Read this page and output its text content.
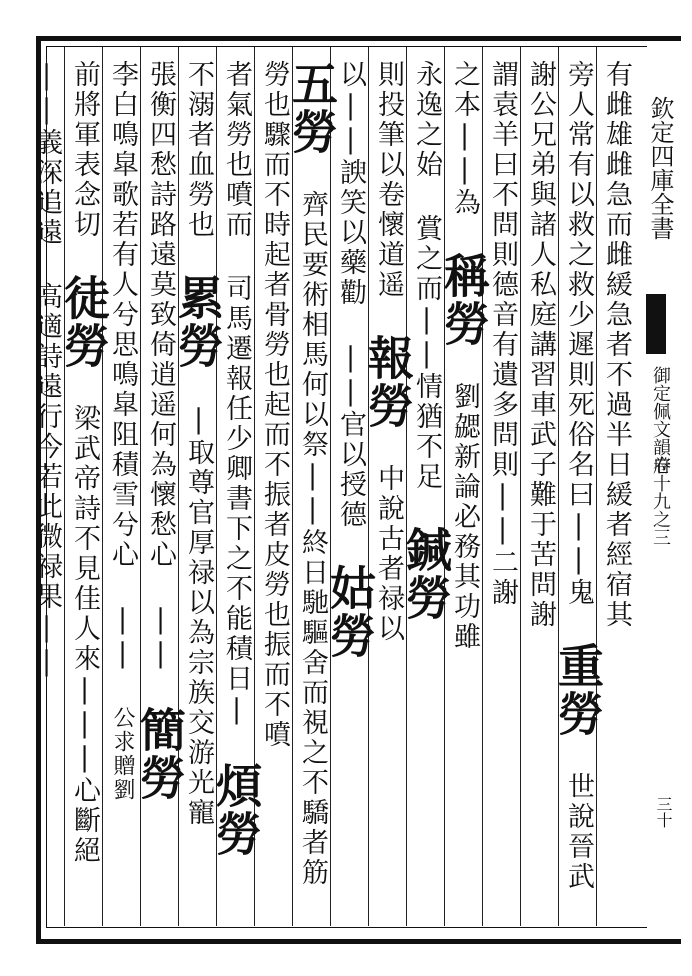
欽定四庫全書
御定佩文韻府
卷十九之三
三十
有雌雄雌急而雌緩急者不過半日緩者經宿其
旁人常有以救之救少遲則死俗名曰||鬼 重勞 世說晉武
謝公兄弟與諸人私庭講習車武子難于苦問謝
謂袁羊曰不問則德音有遺多問則||二謝
之本||為 稱勞 劉勰新論必務其功雖
永逸之始 賞之而||情猶不足 鍼勞
則投筆以卷懷道遥 報勞 中說古者禄以
以||諛笑以藥勸 ||官以授德 姑勞
五勞 齊民要術相馬何以祭||終日馳驅舍而視之不驕者筋
勞也驟而不時起者骨勞也起而不振者皮勞也振而不噴
者氣勞也噴而 司馬遷報任少卿書下之不能積日| 煩勞
不溺者血勞也 累勞 |取尊官厚禄以為宗族交游光寵
張衡四愁詩路遠莫致倚逍遥何為懷愁心 || 簡勞
李白鳴皐歌若有人兮思鳴皐阻積雪兮心 || 公求贈劉
前將軍表念切 徒勞 梁武帝詩不見佳人來|||心斷絕
||義深追遠 高適詩遠行今若此微禄果||
